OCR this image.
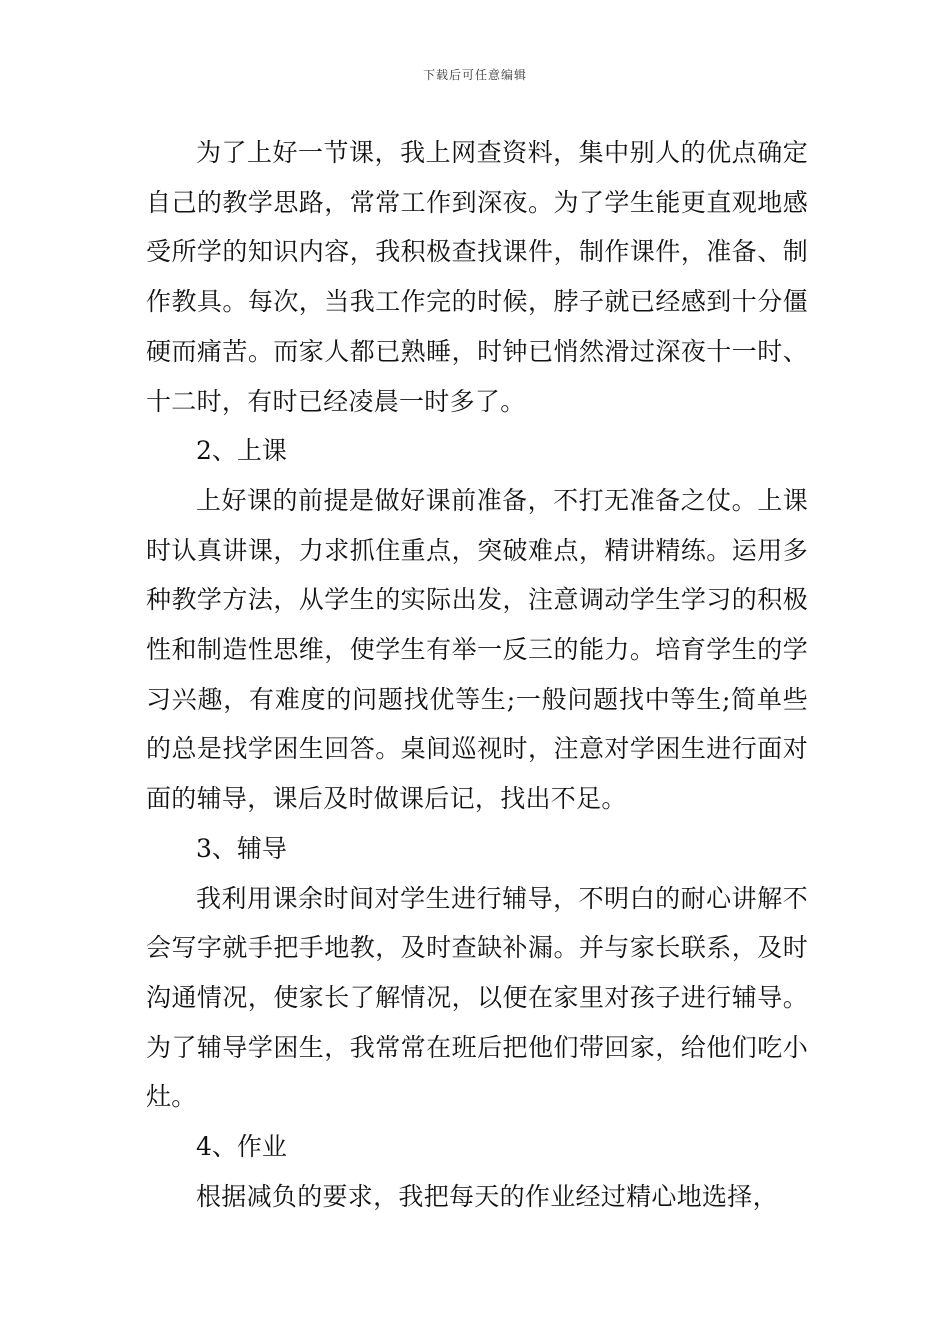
下载后可任意编辑

为了上好一节课，我上网查资料，集中别人的优点确定自己的教学思路，常常工作到深夜。为了学生能更直观地感受所学的知识内容，我积极查找课件，制作课件，准备、制作教具。每次，当我工作完的时候，脖子就已经感到十分僵硬而痛苦。而家人都已熟睡，时钟已悄然滑过深夜十一时、十二时，有时已经凌晨一时多了。

2、上课

上好课的前提是做好课前准备，不打无准备之仗。上课时认真讲课，力求抓住重点，突破难点，精讲精练。运用多种教学方法，从学生的实际出发，注意调动学生学习的积极性和制造性思维，使学生有举一反三的能力。培育学生的学习兴趣，有难度的问题找优等生;一般问题找中等生;简单些的总是找学困生回答。桌间巡视时，注意对学困生进行面对面的辅导，课后及时做课后记，找出不足。

3、辅导

我利用课余时间对学生进行辅导，不明白的耐心讲解不会写字就手把手地教，及时查缺补漏。并与家长联系，及时沟通情况，使家长了解情况，以便在家里对孩子进行辅导。为了辅导学困生，我常常在班后把他们带回家，给他们吃小灶。

4、作业

根据减负的要求，我把每天的作业经过精心地选择，
